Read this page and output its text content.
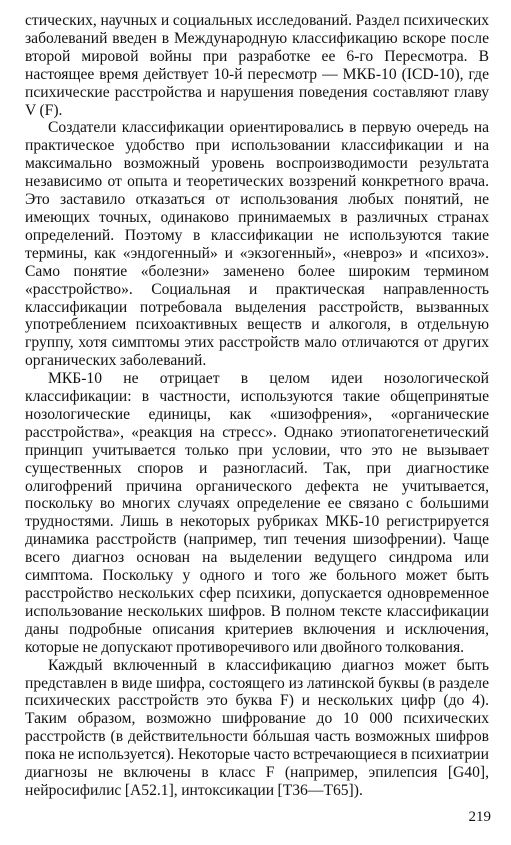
стических, научных и социальных исследований. Раздел психических заболеваний введен в Международную классификацию вскоре после второй мировой войны при разработке ее 6-го Пересмотра. В настоящее время действует 10-й пересмотр — МКБ-10 (ICD-10), где психические расстройства и нарушения поведения составляют главу V (F).

Создатели классификации ориентировались в первую очередь на практическое удобство при использовании классификации и на максимально возможный уровень воспроизводимости результата независимо от опыта и теоретических воззрений конкретного врача. Это заставило отказаться от использования любых понятий, не имеющих точных, одинаково принимаемых в различных странах определений. Поэтому в классификации не используются такие термины, как «эндогенный» и «экзогенный», «невроз» и «психоз». Само понятие «болезни» заменено более широким термином «расстройство». Социальная и практическая направленность классификации потребовала выделения расстройств, вызванных употреблением психоактивных веществ и алкоголя, в отдельную группу, хотя симптомы этих расстройств мало отличаются от других органических заболеваний.

МКБ-10 не отрицает в целом идеи нозологической классификации: в частности, используются такие общепринятые нозологические единицы, как «шизофрения», «органические расстройства», «реакция на стресс». Однако этиопатогенетический принцип учитывается только при условии, что это не вызывает существенных споров и разногласий. Так, при диагностике олигофрений причина органического дефекта не учитывается, поскольку во многих случаях определение ее связано с большими трудностями. Лишь в некоторых рубриках МКБ-10 регистрируется динамика расстройств (например, тип течения шизофрении). Чаще всего диагноз основан на выделении ведущего синдрома или симптома. Поскольку у одного и того же больного может быть расстройство нескольких сфер психики, допускается одновременное использование нескольких шифров. В полном тексте классификации даны подробные описания критериев включения и исключения, которые не допускают противоречивого или двойного толкования.

Каждый включенный в классификацию диагноз может быть представлен в виде шифра, состоящего из латинской буквы (в разделе психических расстройств это буква F) и нескольких цифр (до 4). Таким образом, возможно шифрование до 10 000 психических расстройств (в действительности бóльшая часть возможных шифров пока не используется). Некоторые часто встречающиеся в психиатрии диагнозы не включены в класс F (например, эпилепсия [G40], нейросифилис [A52.1], интоксикации [T36—T65]).

219
